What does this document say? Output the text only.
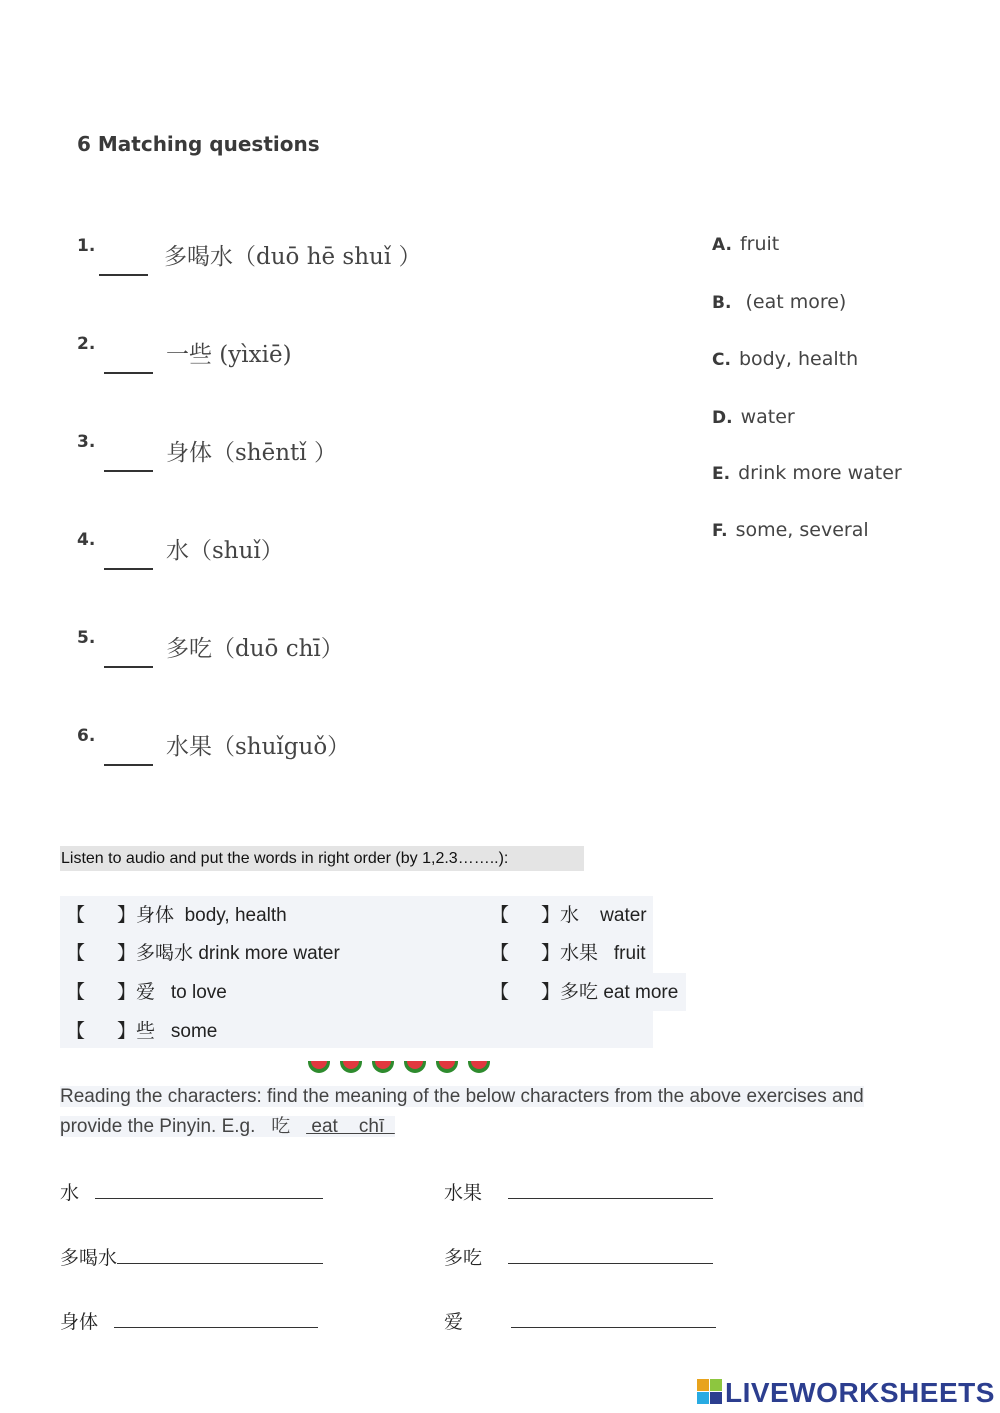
6 Matching questions
1.	多喝水（duō hē shuǐ ）
2.	一些 (yìxiē)
3.	身体（shēntǐ ）
4.	水（shuǐ）
5.	多吃（duō chī）
6.	水果（shuǐguǒ）
A. fruit
B. (eat more)
C. body, health
D. water
E. drink more water
F. some, several
Listen to audio and put the words in right order (by 1,2.3……..):
【 】身体 body, health
【 】多喝水 drink more water
【 】爱 to love
【 】些 some
【 】水 water
【 】水果 fruit
【 】多吃 eat more
Reading the characters: find the meaning of the below characters from the above exercises and
provide the Pinyin. E.g. 吃    eat    chī
水
多喝水
身体
水果
多吃
爱
LIVEWORKSHEETS
